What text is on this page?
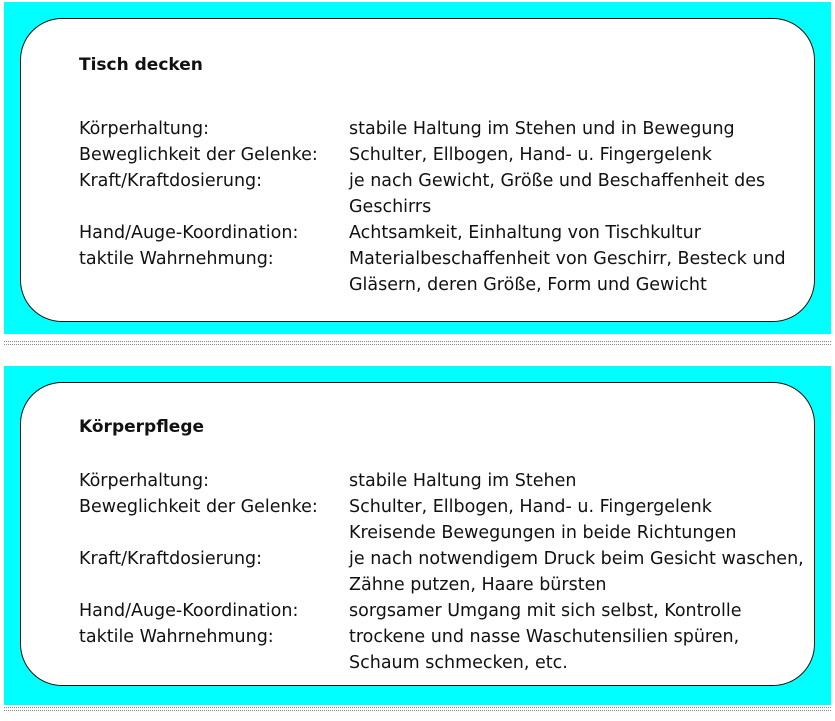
Tisch decken
Körperhaltung:	stabile Haltung im Stehen und in Bewegung
Beweglichkeit der Gelenke:	Schulter, Ellbogen, Hand- u. Fingergelenk
Kraft/Kraftdosierung:	je nach Gewicht, Größe und Beschaffenheit des
Geschirrs
Hand/Auge-Koordination:	Achtsamkeit, Einhaltung von Tischkultur
taktile Wahrnehmung:	Materialbeschaffenheit von Geschirr, Besteck und
Gläsern, deren Größe, Form und Gewicht
Körperpflege
Körperhaltung:	stabile Haltung im Stehen
Beweglichkeit der Gelenke:	Schulter, Ellbogen, Hand- u. Fingergelenk
Kreisende Bewegungen in beide Richtungen
Kraft/Kraftdosierung:	je nach notwendigem Druck beim Gesicht waschen,
Zähne putzen, Haare bürsten
Hand/Auge-Koordination:	sorgsamer Umgang mit sich selbst, Kontrolle
taktile Wahrnehmung:	trockene und nasse Waschutensilien spüren,
Schaum schmecken, etc.
